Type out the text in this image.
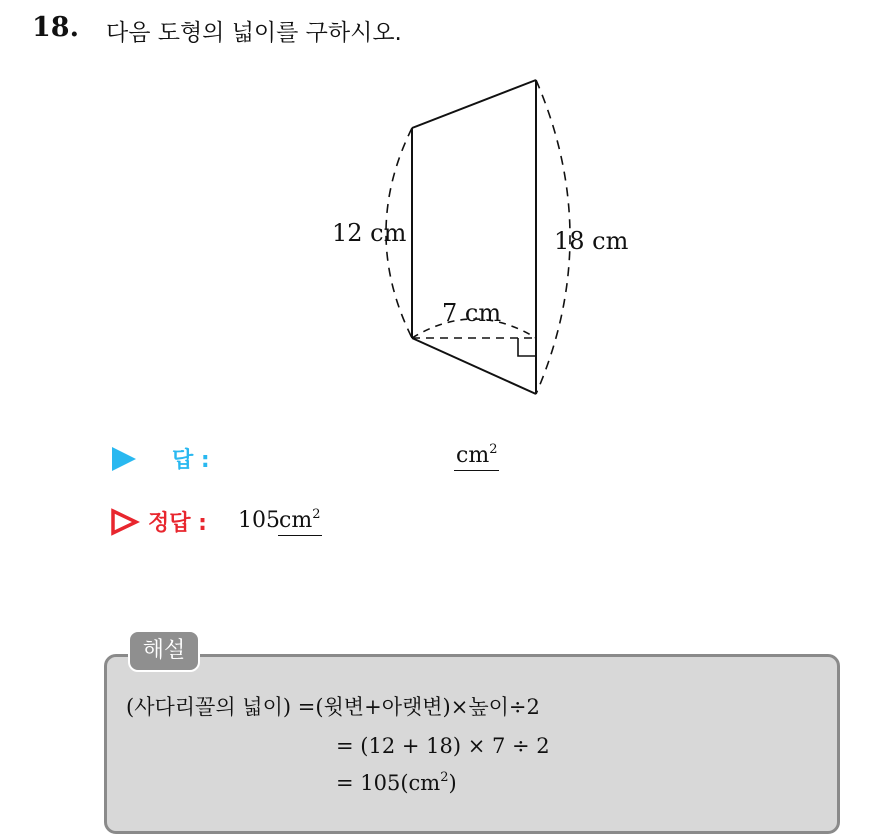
18. 다음 도형의 넓이를 구하시오.
12 cm	18 cm
7 cm
답 :	$cm^2$
정답 : 105 $cm^2$
해설
(사다리꼴의 넓이) =(윗변+아랫변)×높이÷2
= (12 + 18) × 7 ÷ 2
= $105(cm^2)$
